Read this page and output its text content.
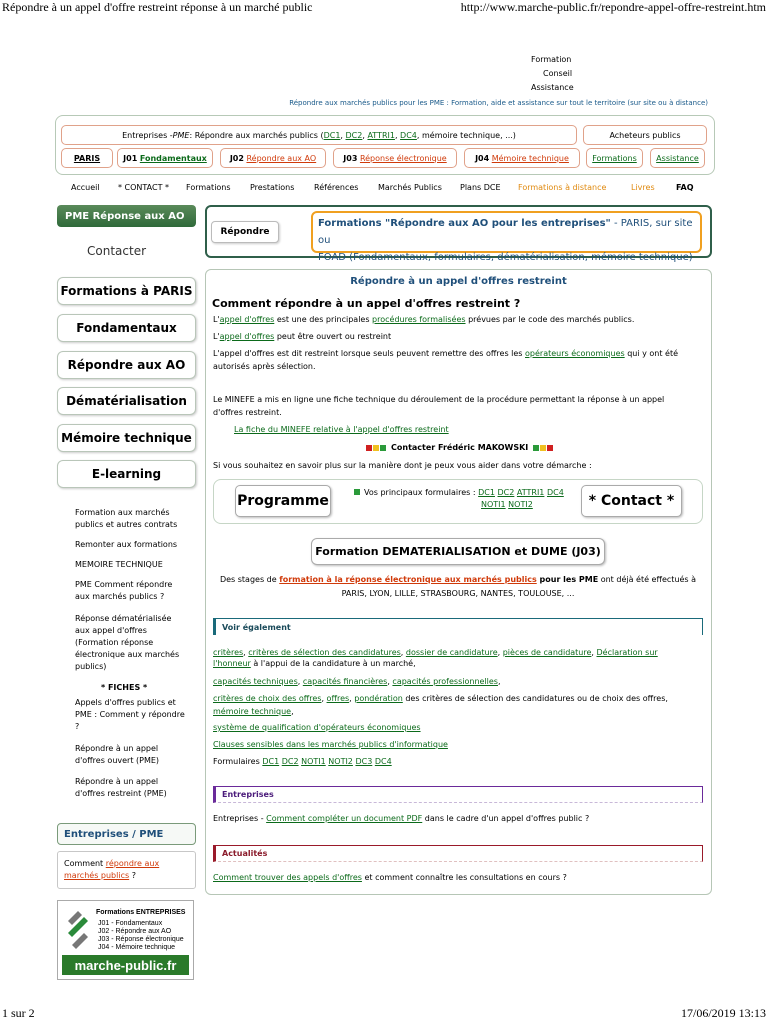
Répondre à un appel d'offre restreint réponse à un marché public	http://www.marche-public.fr/repondre-appel-offre-restreint.htm
Formation
Conseil
Assistance
Répondre aux marchés publics pour les PME : Formation, aide et assistance sur tout le territoire (sur site ou à distance)
Entreprises - PME : Répondre aux marchés publics ( DC1 , DC2 , ATTRI1 , DC4 , mémoire technique, ...)	Acheteurs publics
PARIS	J01
Fondamentaux	J02
Répondre aux AO	J03
Réponse électronique	J04
Mémoire technique	Formations Assistance
Accueil * CONTACT * Formations Prestations Références Marchés Publics Plans DCE Formations à distance	Livres	FAQ
PME Réponse aux AO
Contacter
Formations à PARIS
Fondamentaux
Répondre aux AO
Dématérialisation
Mémoire technique
E-learning
Formation aux marchés publics et autres contrats
Remonter aux formations
MEMOIRE TECHNIQUE
PME Comment répondre aux marchés publics ?
Réponse dématérialisée aux appel d'offres (Formation réponse électronique aux marchés publics)
* FICHES *
Appels d'offres publics et PME : Comment y répondre ?
Répondre à un appel d'offres ouvert (PME)
Répondre à un appel d'offres restreint (PME)
Entreprises / PME
Comment répondre aux marchés publics ?
Formations ENTREPRISES
J01 - Fondamentaux
J02 - Répondre aux AO
J03 - Réponse électronique
J04 - Mémoire technique
marche-public.fr
Répondre
Formations "Répondre aux AO pour les entreprises" - PARIS, sur site ou
FOAD (Fondamentaux, formulaires, dématérialisation, mémoire technique)
Répondre à un appel d'offres restreint
Comment répondre à un appel d'offres restreint ?
L'appel d'offres est une des principales procédures formalisées prévues par le code des marchés publics.
L'appel d'offres peut être ouvert ou restreint
L'appel d'offres est dit restreint lorsque seuls peuvent remettre des offres les opérateurs économiques qui y ont été
autorisés après sélection.
Le MINEFE a mis en ligne une fiche technique du déroulement de la procédure permettant la réponse à un appel
d'offres restreint.
La fiche du MINEFE relative à l'appel d'offres restreint
Contacter Frédéric MAKOWSKI
Si vous souhaitez en savoir plus sur la manière dont je peux vous aider dans votre démarche :
Programme
Vos principaux formulaires : DC1 DC2 ATTRI1 DC4
NOTI1 NOTI2	* Contact *
Formation DEMATERIALISATION et DUME (J03)
Des stages de formation à la réponse électronique aux marchés publics pour les PME ont déjà été effectués à
PARIS, LYON, LILLE, STRASBOURG, NANTES, TOULOUSE, ...
Voir également
critères, critères de sélection des candidatures, dossier de candidature, pièces de candidature, Déclaration sur
l'honneur à l'appui de la candidature à un marché,
capacités techniques, capacités financières, capacités professionnelles,
critères de choix des offres, offres, pondération des critères de sélection des candidatures ou de choix des offres,
mémoire technique,
système de qualification d'opérateurs économiques
Clauses sensibles dans les marchés publics d'informatique
Formulaires DC1 DC2 NOTI1 NOTI2 DC3 DC4
Entreprises
Entreprises - Comment compléter un document PDF dans le cadre d'un appel d'offres public ?
Actualités
Comment trouver des appels d'offres et comment connaître les consultations en cours ?
1 sur 2	17/06/2019 13:13
